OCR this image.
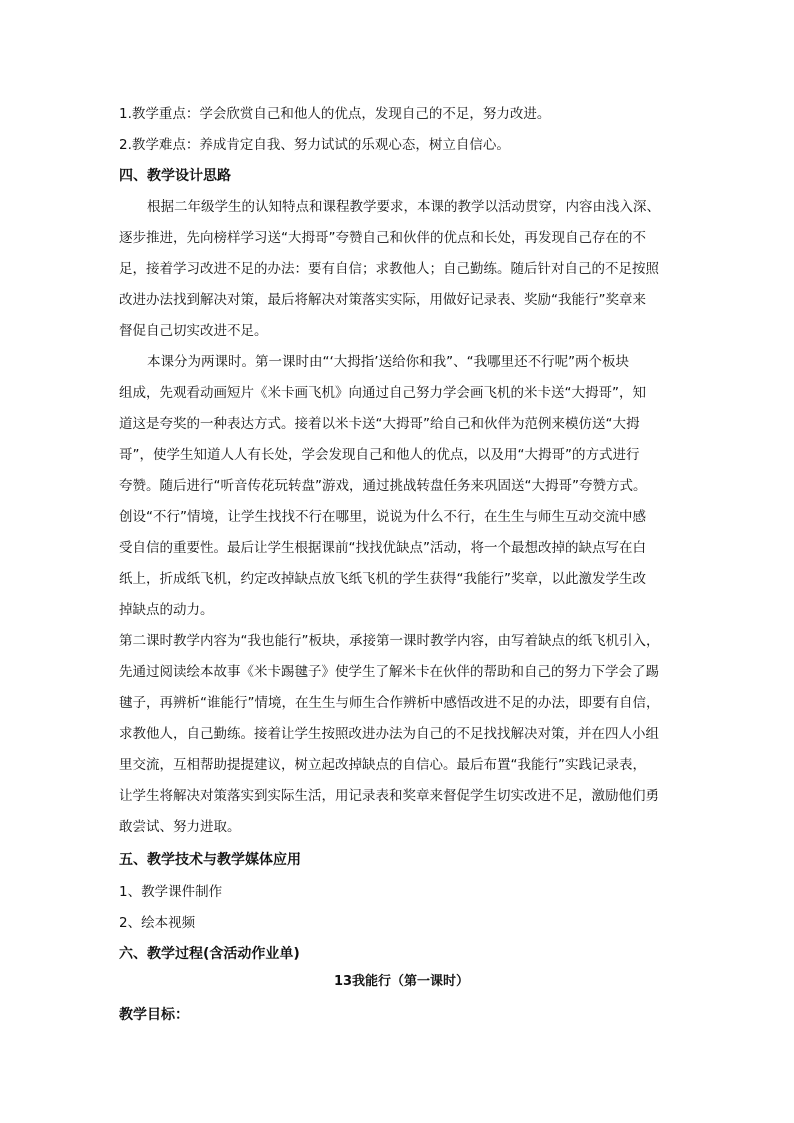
1.教学重点：学会欣赏自己和他人的优点，发现自己的不足，努力改进。
2.教学难点：养成肯定自我、努力试试的乐观心态，树立自信心。
四、教学设计思路
根据二年级学生的认知特点和课程教学要求，本课的教学以活动贯穿，内容由浅入深、
逐步推进，先向榜样学习送“大拇哥”夸赞自己和伙伴的优点和长处，再发现自己存在的不
足，接着学习改进不足的办法：要有自信；求教他人；自己勤练。随后针对自己的不足按照
改进办法找到解决对策，最后将解决对策落实实际，用做好记录表、奖励“我能行”奖章来
督促自己切实改进不足。
本课分为两课时。第一课时由“‘大拇指’送给你和我”、“我哪里还不行呢”两个板块
组成，先观看动画短片《米卡画飞机》向通过自己努力学会画飞机的米卡送“大拇哥”，知
道这是夸奖的一种表达方式。接着以米卡送“大拇哥”给自己和伙伴为范例来模仿送“大拇
哥”，使学生知道人人有长处，学会发现自己和他人的优点，以及用“大拇哥”的方式进行
夸赞。随后进行“听音传花玩转盘”游戏，通过挑战转盘任务来巩固送“大拇哥”夸赞方式。
创设“不行”情境，让学生找找不行在哪里，说说为什么不行，在生生与师生互动交流中感
受自信的重要性。最后让学生根据课前“找找优缺点”活动，将一个最想改掉的缺点写在白
纸上，折成纸飞机，约定改掉缺点放飞纸飞机的学生获得“我能行”奖章，以此激发学生改
掉缺点的动力。
第二课时教学内容为“我也能行”板块，承接第一课时教学内容，由写着缺点的纸飞机引入，
先通过阅读绘本故事《米卡踢毽子》使学生了解米卡在伙伴的帮助和自己的努力下学会了踢
毽子，再辨析“谁能行”情境，在生生与师生合作辨析中感悟改进不足的办法，即要有自信，
求教他人，自己勤练。接着让学生按照改进办法为自己的不足找找解决对策，并在四人小组
里交流，互相帮助提提建议，树立起改掉缺点的自信心。最后布置“我能行”实践记录表，
让学生将解决对策落实到实际生活，用记录表和奖章来督促学生切实改进不足，激励他们勇
敢尝试、努力进取。
五、教学技术与教学媒体应用
1、教学课件制作
2、绘本视频
六、教学过程(含活动作业单)
13我能行（第一课时）
教学目标：
